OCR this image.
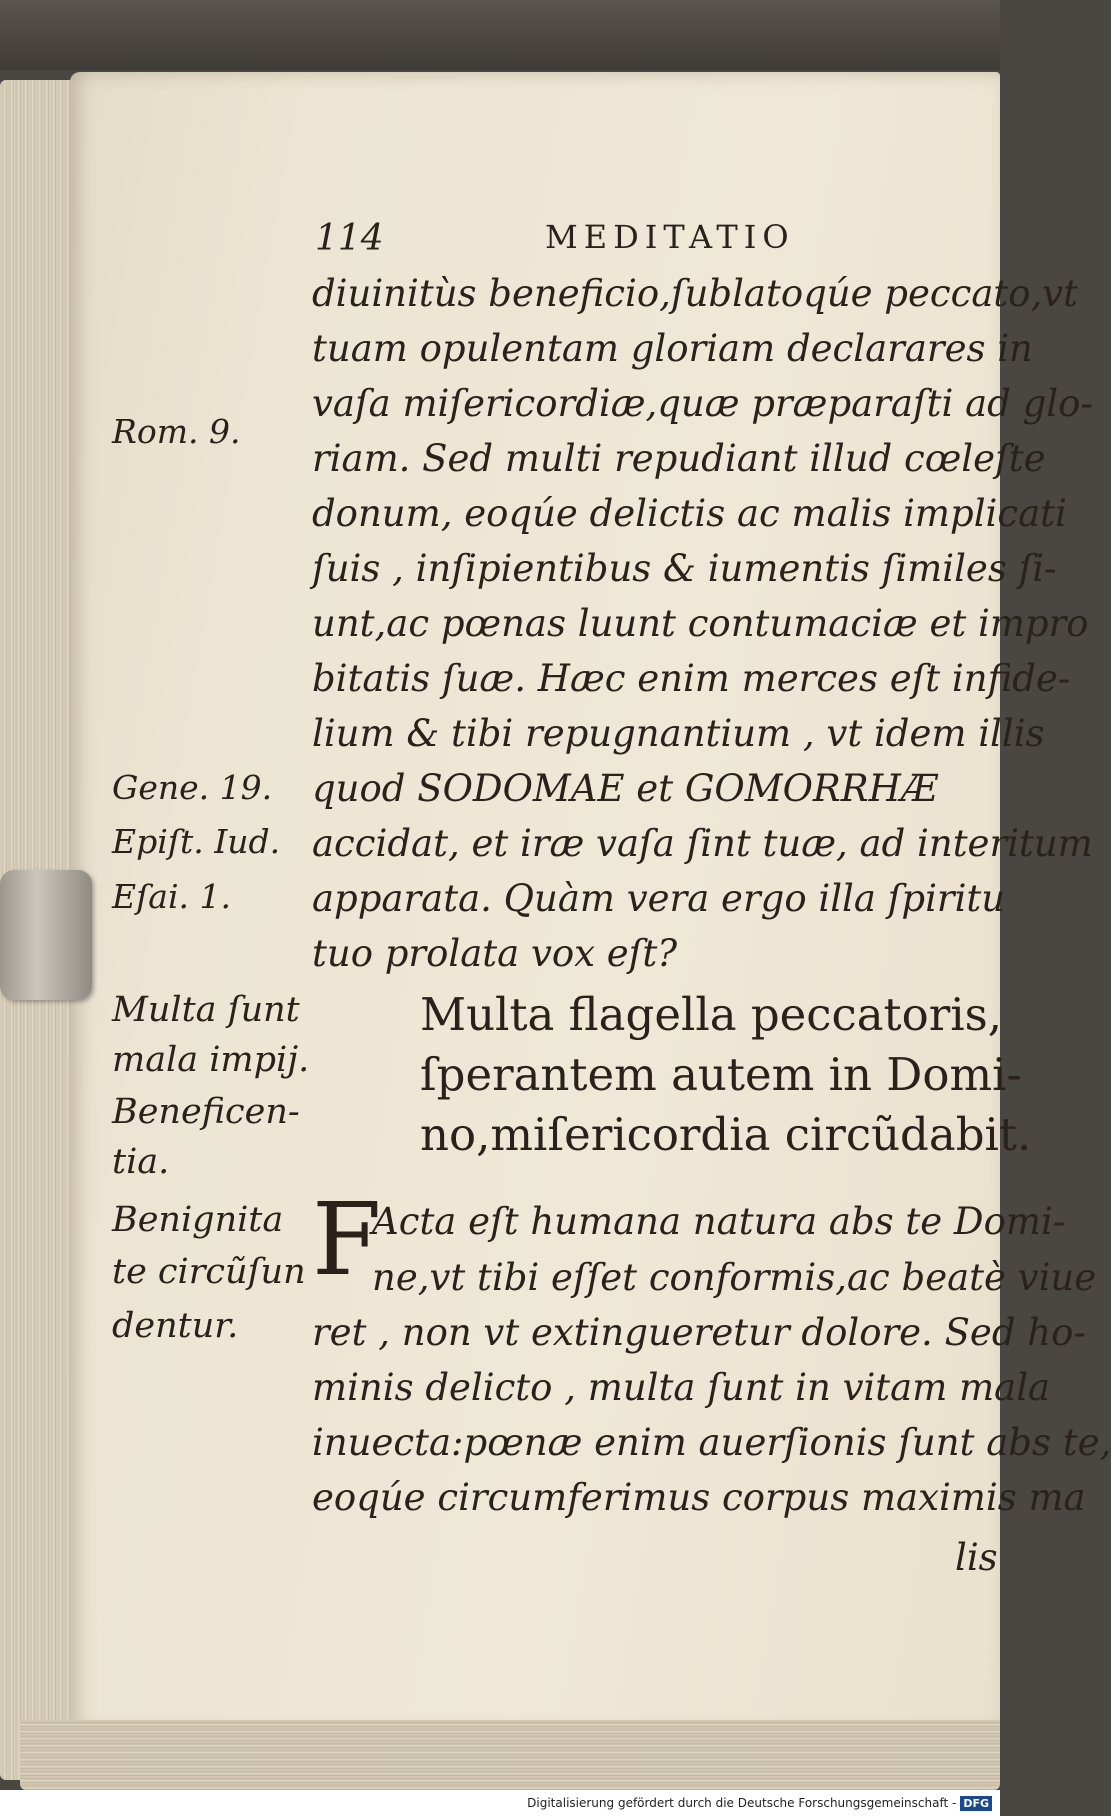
114	MEDITATIO
diuinitùs beneficio,ſublatoqúe peccato,vt
tuam opulentam gloriam declarares in
vaſa miſericordiæ,quæ præparaſti ad glo-
riam. Sed multi repudiant illud cœleſte
donum, eoqúe delictis ac malis implicati
ſuis , inſipientibus & iumentis ſimiles ſi-
unt,ac pœnas luunt contumaciæ et impro
bitatis ſuæ. Hæc enim merces eſt infide-
lium & tibi repugnantium , vt idem illis
quod SODOMAE et GOMORRHÆ
accidat, et iræ vaſa ſint tuæ, ad interitum
apparata. Quàm vera ergo illa ſpiritu
tuo prolata vox eſt?
Multa flagella peccatoris,
ſperantem autem in Domi-
no,miſericordia circũdabit.
F
Acta eſt humana natura abs te Domi-
ne,vt tibi eſſet conformis,ac beatè viue
ret , non vt extingueretur dolore. Sed ho-
minis delicto , multa ſunt in vitam mala
inuecta:pœnæ enim auerſionis ſunt abs te,
eoqúe circumferimus corpus maximis ma
lis
Rom. 9.
Gene. 19.
Epiſt. Iud.
Eſai. 1.
Multa ſunt
mala impij.
Beneficen-
tia.
Benignita
te circũſun
dentur.
Digitalisierung gefördert durch die Deutsche Forschungsgemeinschaft - DFG
